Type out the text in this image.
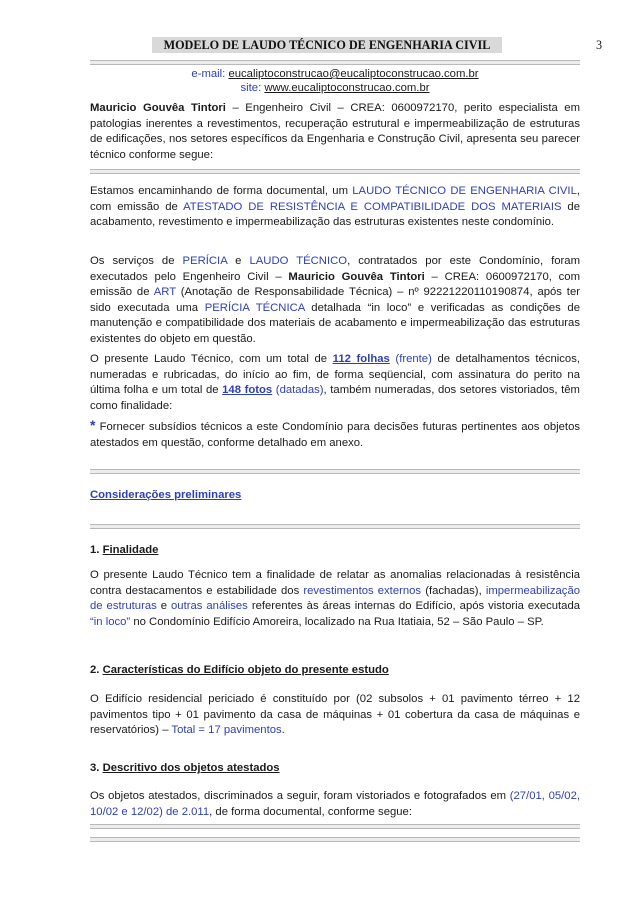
MODELO DE LAUDO TÉCNICO DE ENGENHARIA CIVIL	3
e-mail: eucaliptoconstrucao@eucaliptoconstrucao.com.br
site: www.eucaliptoconstrucao.com.br
Mauricio Gouvêa Tintori – Engenheiro Civil – CREA: 0600972170, perito especialista em patologias inerentes a revestimentos, recuperação estrutural e impermeabilização de estruturas de edificações, nos setores específicos da Engenharia e Construção Civil, apresenta seu parecer técnico conforme segue:
Estamos encaminhando de forma documental, um LAUDO TÉCNICO DE ENGENHARIA CIVIL, com emissão de ATESTADO DE RESISTÊNCIA E COMPATIBILIDADE DOS MATERIAIS de acabamento, revestimento e impermeabilização das estruturas existentes neste condomínio.
Os serviços de PERÍCIA e LAUDO TÉCNICO, contratados por este Condomínio, foram executados pelo Engenheiro Civil – Mauricio Gouvêa Tintori – CREA: 0600972170, com emissão de ART (Anotação de Responsabilidade Técnica) – nº 92221220110190874, após ter sido executada uma PERÍCIA TÉCNICA detalhada “in loco” e verificadas as condições de manutenção e compatibilidade dos materiais de acabamento e impermeabilização das estruturas existentes do objeto em questão.
O presente Laudo Técnico, com um total de 112 folhas (frente) de detalhamentos técnicos, numeradas e rubricadas, do início ao fim, de forma seqüencial, com assinatura do perito na última folha e um total de 148 fotos (datadas), também numeradas, dos setores vistoriados, têm como finalidade:
* Fornecer subsídios técnicos a este Condomínio para decisões futuras pertinentes aos objetos atestados em questão, conforme detalhado em anexo.
Considerações preliminares
1. Finalidade
O presente Laudo Técnico tem a finalidade de relatar as anomalias relacionadas à resistência contra destacamentos e estabilidade dos revestimentos externos (fachadas), impermeabilização de estruturas e outras análises referentes às áreas internas do Edifício, após vistoria executada “in loco” no Condomínio Edifício Amoreira, localizado na Rua Itatiaia, 52 – São Paulo – SP.
2. Características do Edifício objeto do presente estudo
O Edifício residencial periciado é constituído por (02 subsolos + 01 pavimento térreo + 12 pavimentos tipo + 01 pavimento da casa de máquinas + 01 cobertura da casa de máquinas e reservatórios) – Total = 17 pavimentos.
3. Descritivo dos objetos atestados
Os objetos atestados, discriminados a seguir, foram vistoriados e fotografados em (27/01, 05/02, 10/02 e 12/02) de 2.011, de forma documental, conforme segue:
